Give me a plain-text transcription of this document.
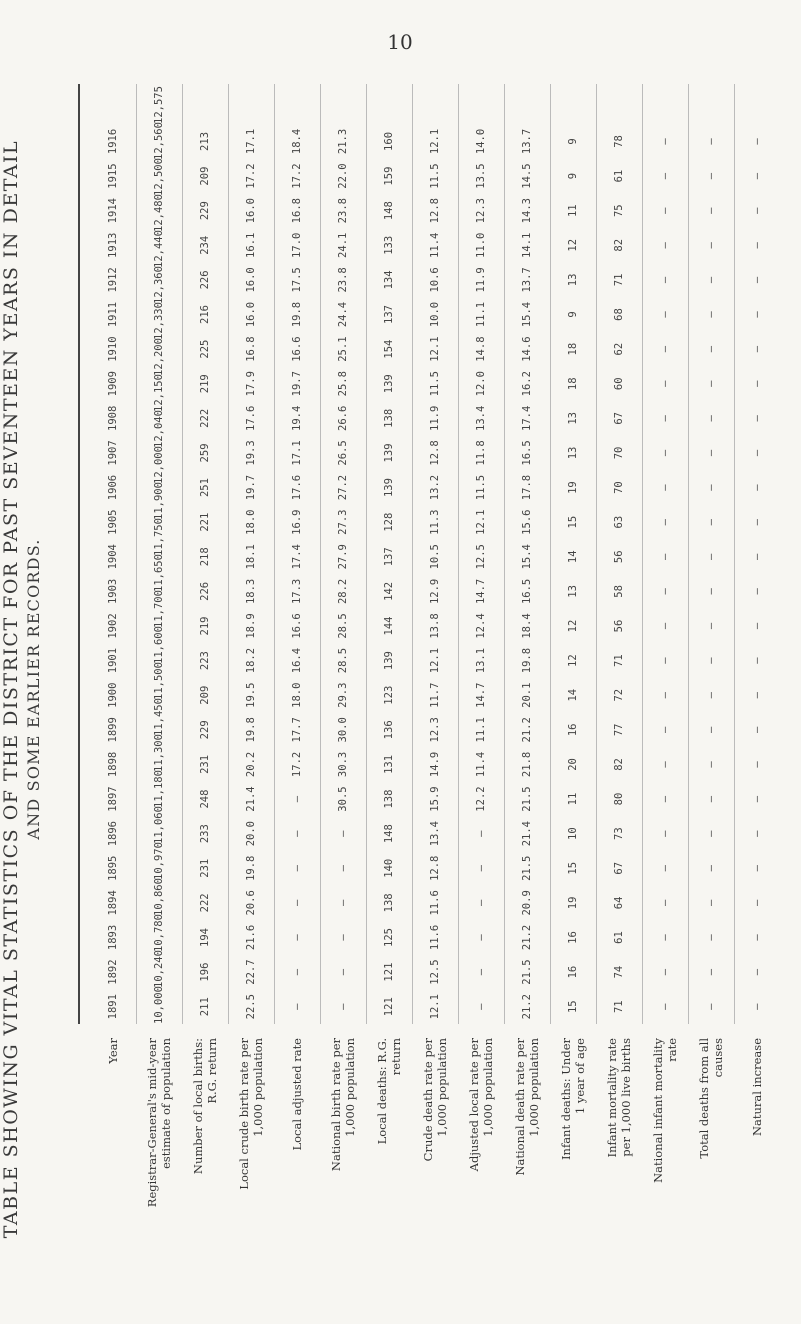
10
TABLE SHOWING VITAL STATISTICS OF THE DISTRICT FOR PAST SEVENTEEN YEARS IN DETAIL AND SOME EARLIER RECORDS.
Year
1891
1892
1893
1894
1895
1896
1897
1898
1899
1900
1901
1902
1903
1904
1905
1906
1907
1908
1909
1910
1911
1912
1913
1914
1915
1916
Registrar-General's mid-year estimate of population
10,000
10,240
10,780
10,860
10,970
11,060
11,180
11,300
11,450
11,500
11,600
11,700
11,650
11,750
11,900
12,000
12,040
12,150
12,200
12,330
12,360
12,440
12,480
12,500
12,560
12,575
Number of local births: R.G. return
211
196
194
222
231
233
248
231
229
209
223
219
226
218
221
251
259
222
219
225
216
226
234
229
209
213
Local crude birth rate per 1,000 population
22.5
22.7
21.6
20.6
19.8
20.0
21.4
20.2
19.8
19.5
18.2
18.9
18.3
18.1
18.0
19.7
19.3
17.6
17.9
16.8
16.0
16.0
16.1
16.0
17.2
17.1
Local adjusted rate
—
—
—
—
—
—
—
17.2
17.7
18.0
16.4
16.6
17.3
17.4
16.9
17.6
17.1
19.4
19.7
16.6
19.8
17.5
17.0
16.8
17.2
18.4
National birth rate per 1,000 population
—
—
—
—
—
—
30.5
30.3
30.0
29.3
28.5
28.5
28.2
27.9
27.3
27.2
26.5
26.6
25.8
25.1
24.4
23.8
24.1
23.8
22.0
21.3
Local deaths: R.G. return
121
121
125
138
140
148
138
131
136
123
139
144
142
137
128
139
139
138
139
154
137
134
133
148
159
160
Crude death rate per 1,000 population
12.1
12.5
11.6
11.6
12.8
13.4
15.9
14.9
12.3
11.7
12.1
13.8
12.9
10.5
11.3
13.2
12.8
11.9
11.5
12.1
10.0
10.6
11.4
12.8
11.5
12.1
Adjusted local rate per 1,000 population
—
—
—
—
—
—
12.2
11.4
11.1
14.7
13.1
12.4
14.7
12.5
12.1
11.5
11.8
13.4
12.0
14.8
11.1
11.9
11.0
12.3
13.5
14.0
National death rate per 1,000 population
21.2
21.5
21.2
20.9
21.5
21.4
21.5
21.8
21.2
20.1
19.8
18.4
16.5
15.4
15.6
17.8
16.5
17.4
16.2
14.6
15.4
13.7
14.1
14.3
14.5
13.7
Infant deaths: Under 1 year of age
15
16
16
19
15
10
11
20
16
14
12
12
13
14
15
19
13
13
18
18
9
13
12
11
9
9
Infant mortality rate per 1,000 live births
71
74
61
64
67
73
80
82
77
72
71
56
58
56
63
70
70
67
60
62
68
71
82
75
61
78
National infant mortality rate
—
—
—
—
—
—
—
—
—
—
—
—
—
—
—
—
—
—
—
—
—
—
—
—
—
—
Total deaths from all causes
—
—
—
—
—
—
—
—
—
—
—
—
—
—
—
—
—
—
—
—
—
—
—
—
—
—
Natural increase
—
—
—
—
—
—
—
—
—
—
—
—
—
—
—
—
—
—
—
—
—
—
—
—
—
—
